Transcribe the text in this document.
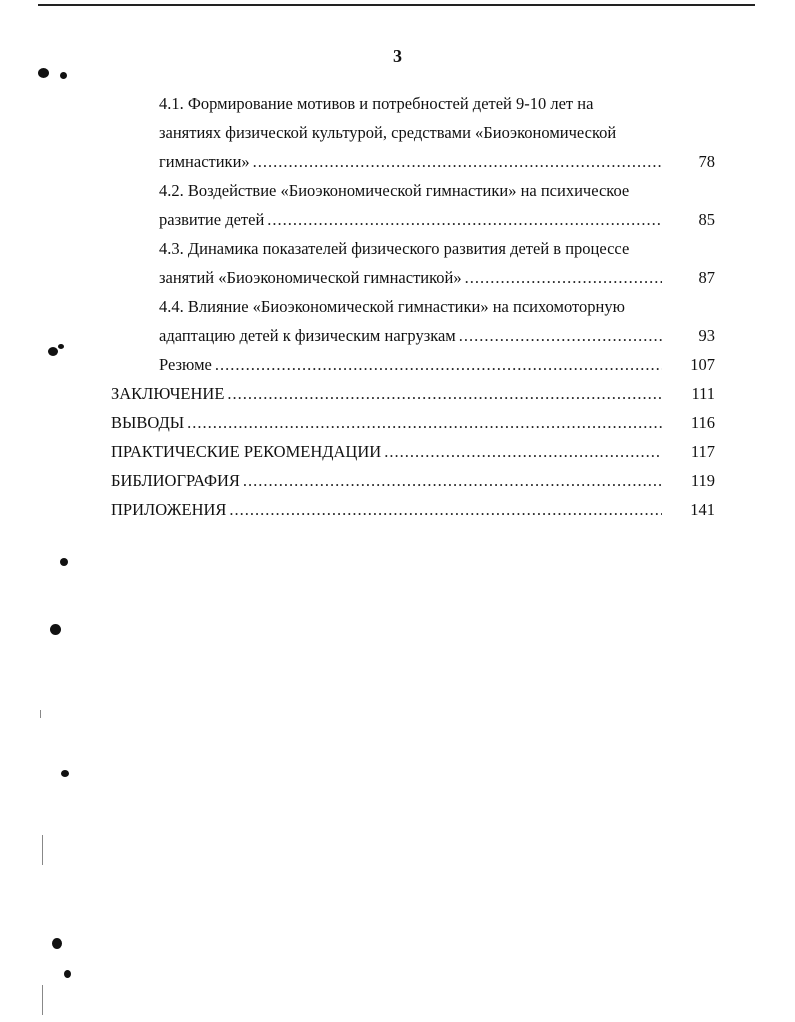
3
4.1. Формирование мотивов и потребностей детей 9-10 лет на
занятиях физической культурой, средствами «Биоэкономической
гимнастики» .....	78
4.2. Воздействие «Биоэкономической гимнастики» на психическое
развитие детей .....	85
4.3. Динамика показателей физического развития детей в процессе
занятий «Биоэкономической гимнастикой» .....	87
4.4. Влияние «Биоэкономической гимнастики» на психомоторную
адаптацию детей к физическим нагрузкам .....	93
Резюме .....	107
ЗАКЛЮЧЕНИЕ .....	111
ВЫВОДЫ .....	116
ПРАКТИЧЕСКИЕ РЕКОМЕНДАЦИИ .....	117
БИБЛИОГРАФИЯ .....	119
ПРИЛОЖЕНИЯ .....	141
